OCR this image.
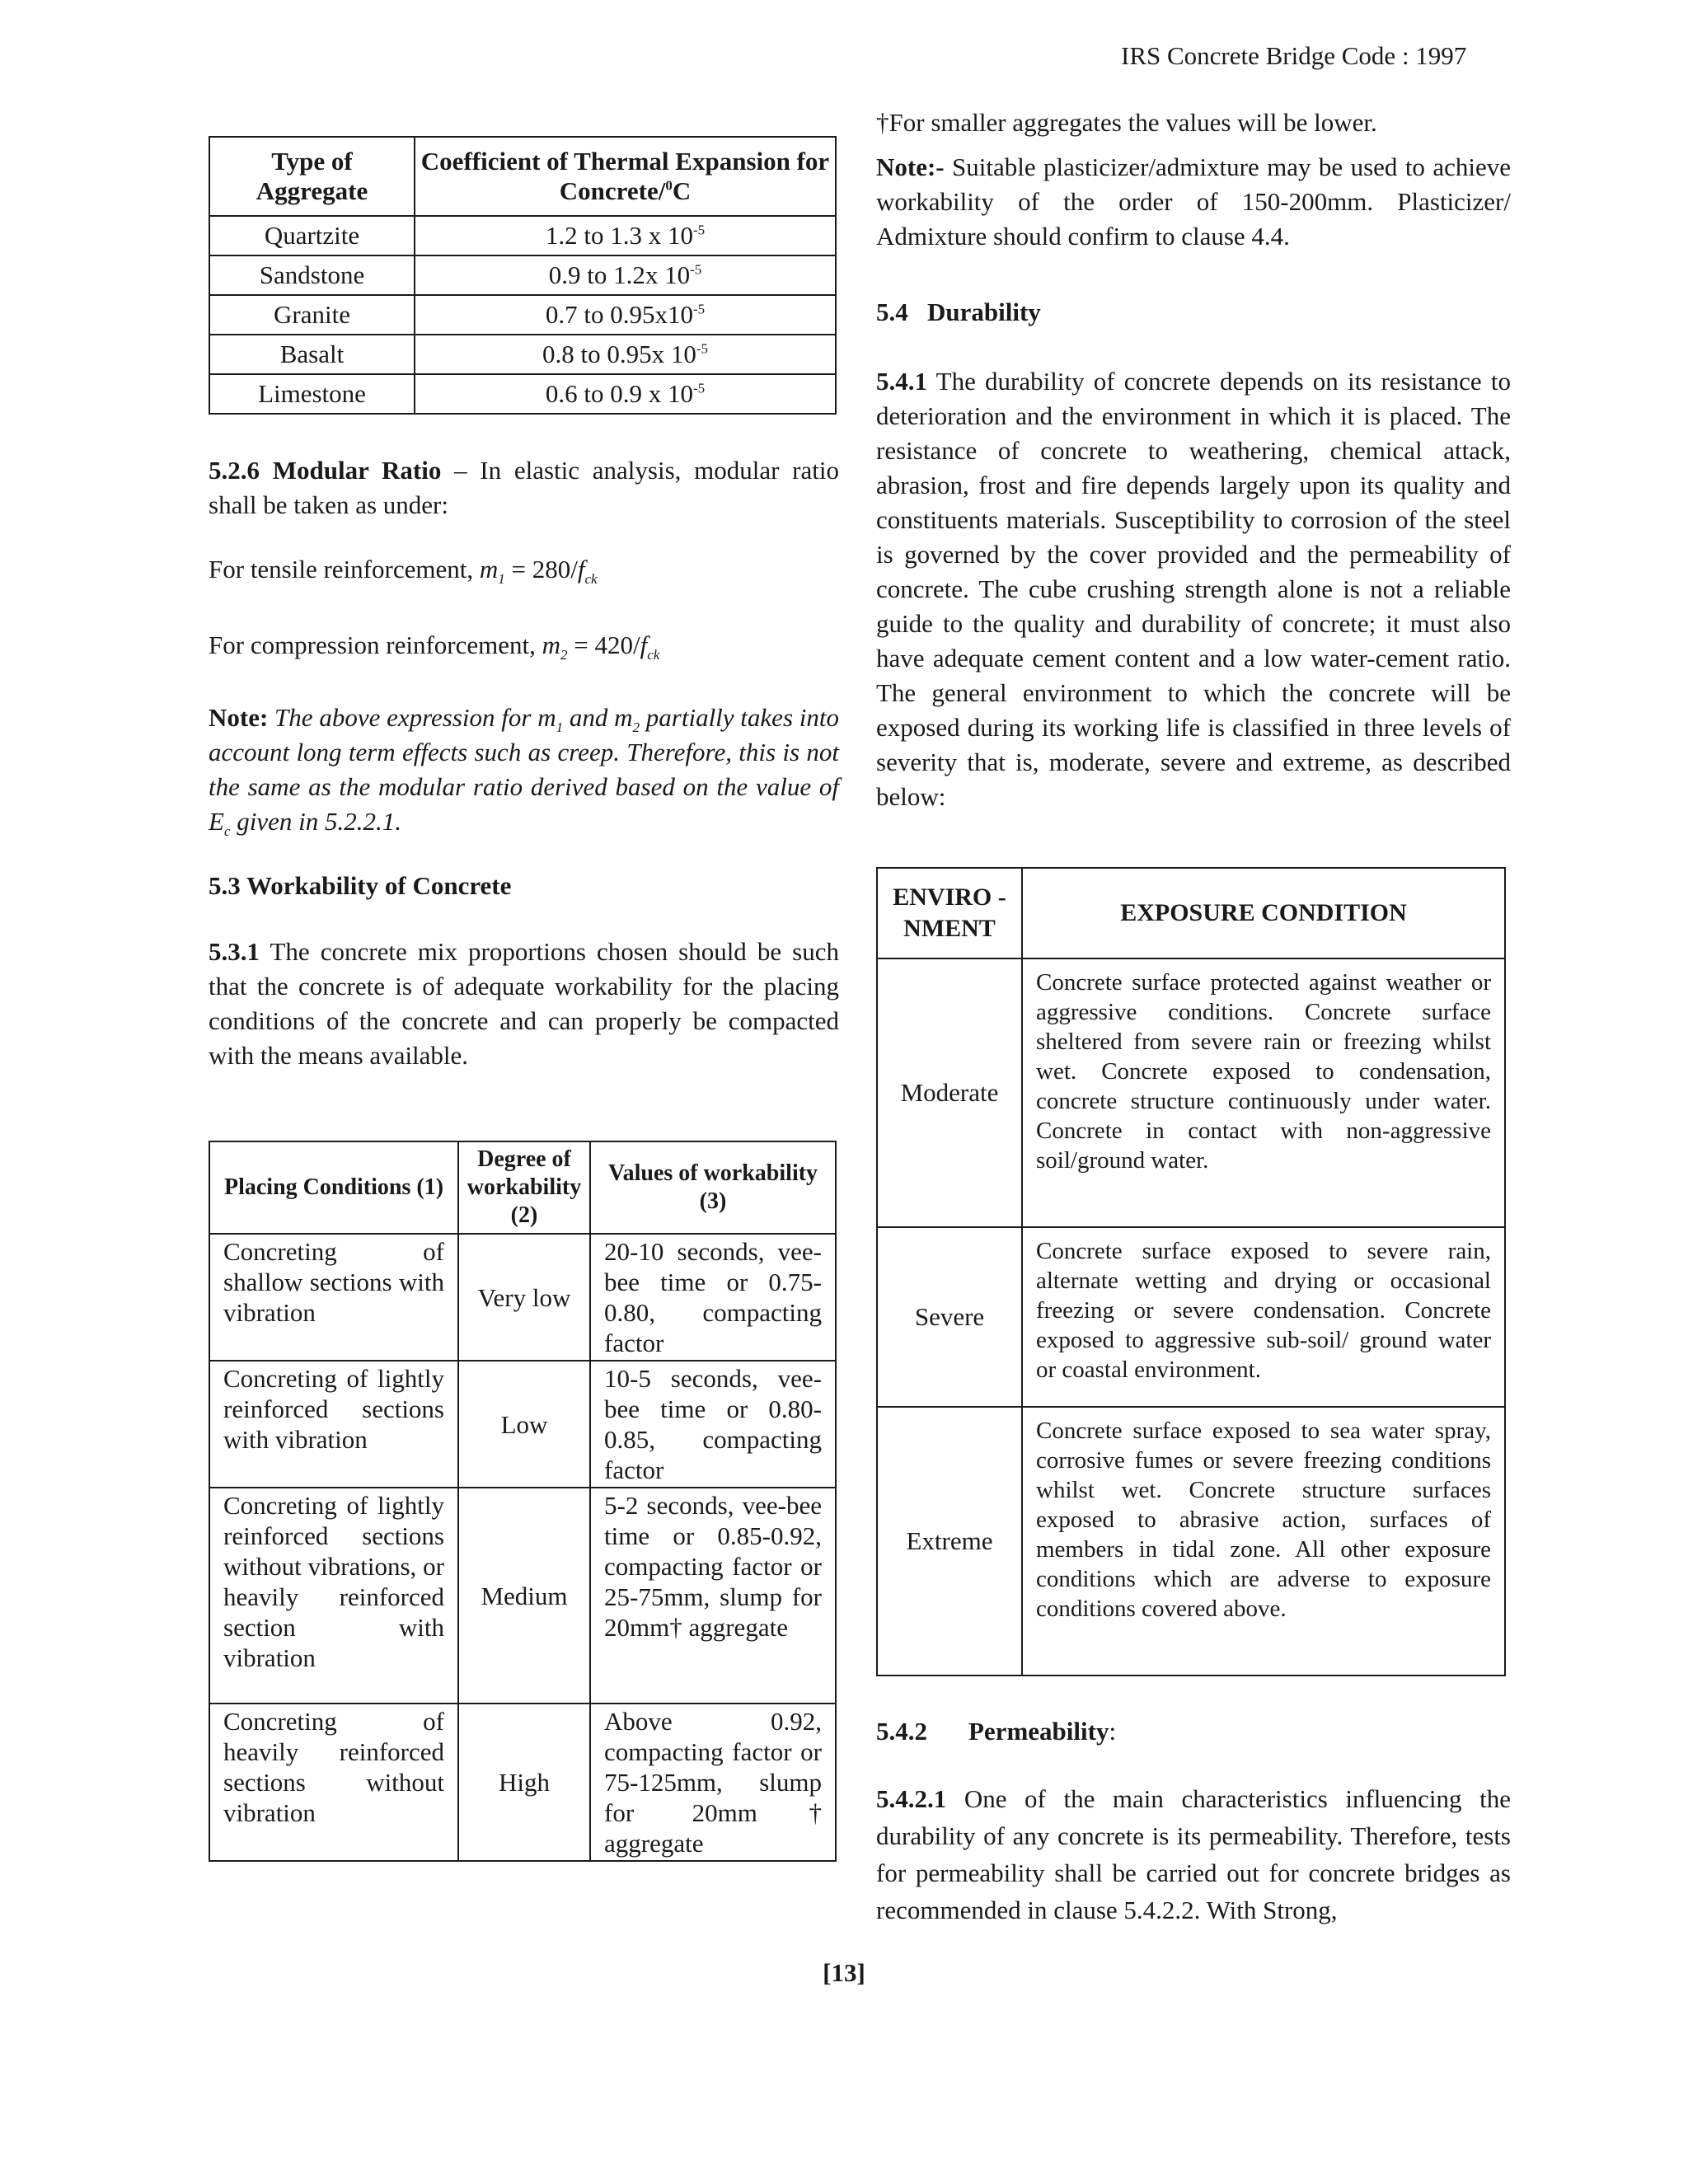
IRS Concrete Bridge Code : 1997
Type of Aggregate	Coefficient of Thermal Expansion for Concrete/$^0$C
Quartzite	1.2 to 1.3 x $10^{-5}$
Sandstone	0.9 to 1.2x $10^{-5}$
Granite	0.7 to $0.95x10^{-5}$
Basalt	0.8 to 0.95x $10^{-5}$
Limestone	0.6 to 0.9 x $10^{-5}$
5.2.6 Modular Ratio – In elastic analysis, modular ratio shall be taken as under:
For tensile reinforcement, $m_1 = 280/f_{ck}$
For compression reinforcement, $m_2 = 420/f_{ck}$
Note: The above expression for $m_1$ and $m_2$ partially takes into account long term effects such as creep. Therefore, this is not the same as the modular ratio derived based on the value of $E_c$ given in 5.2.2.1.
5.3 Workability of Concrete
5.3.1 The concrete mix proportions chosen should be such that the concrete is of adequate workability for the placing conditions of the concrete and can properly be compacted with the means available.
Placing Conditions (1)	Degree of workability (2)	Values of workability (3)
Concreting of shallow sections with vibration	Very low	20-10 seconds, vee-bee time or 0.75-0.80, compacting factor
Concreting of lightly reinforced sections with vibration	Low	10-5 seconds, vee-bee time or 0.80-0.85, compacting factor
Concreting of lightly reinforced sections without vibrations, or heavily reinforced section with vibration	Medium	5-2 seconds, vee-bee time or 0.85-0.92, compacting factor or 25-75mm, slump for 20mm† aggregate
Concreting of heavily reinforced sections without vibration	High	Above 0.92, compacting factor or 75-125mm, slump for 20mm† aggregate
†For smaller aggregates the values will be lower.
Note:- Suitable plasticizer/admixture may be used to achieve workability of the order of 150-200mm. Plasticizer/ Admixture should confirm to clause 4.4.
5.4   Durability
5.4.1 The durability of concrete depends on its resistance to deterioration and the environment in which it is placed. The resistance of concrete to weathering, chemical attack, abrasion, frost and fire depends largely upon its quality and constituents materials. Susceptibility to corrosion of the steel is governed by the cover provided and the permeability of concrete. The cube crushing strength alone is not a reliable guide to the quality and durability of concrete; it must also have adequate cement content and a low water-cement ratio. The general environment to which the concrete will be exposed during its working life is classified in three levels of severity that is, moderate, severe and extreme, as described below:
ENVIRO -NMENT	EXPOSURE CONDITION
Moderate	Concrete surface protected against weather or aggressive conditions. Concrete surface sheltered from severe rain or freezing whilst wet. Concrete exposed to condensation, concrete structure continuously under water. Concrete in contact with non-aggressive soil/ground water.
Severe	Concrete surface exposed to severe rain, alternate wetting and drying or occasional freezing or severe condensation. Concrete exposed to aggressive sub-soil/ ground water or coastal environment.
Extreme	Concrete surface exposed to sea water spray, corrosive fumes or severe freezing conditions whilst wet. Concrete structure surfaces exposed to abrasive action, surfaces of members in tidal zone. All other exposure conditions which are adverse to exposure conditions covered above.
5.4.2 Permeability:
5.4.2.1 One of the main characteristics influencing the durability of any concrete is its permeability. Therefore, tests for permeability shall be carried out for concrete bridges as recommended in clause 5.4.2.2. With Strong,
[13]
